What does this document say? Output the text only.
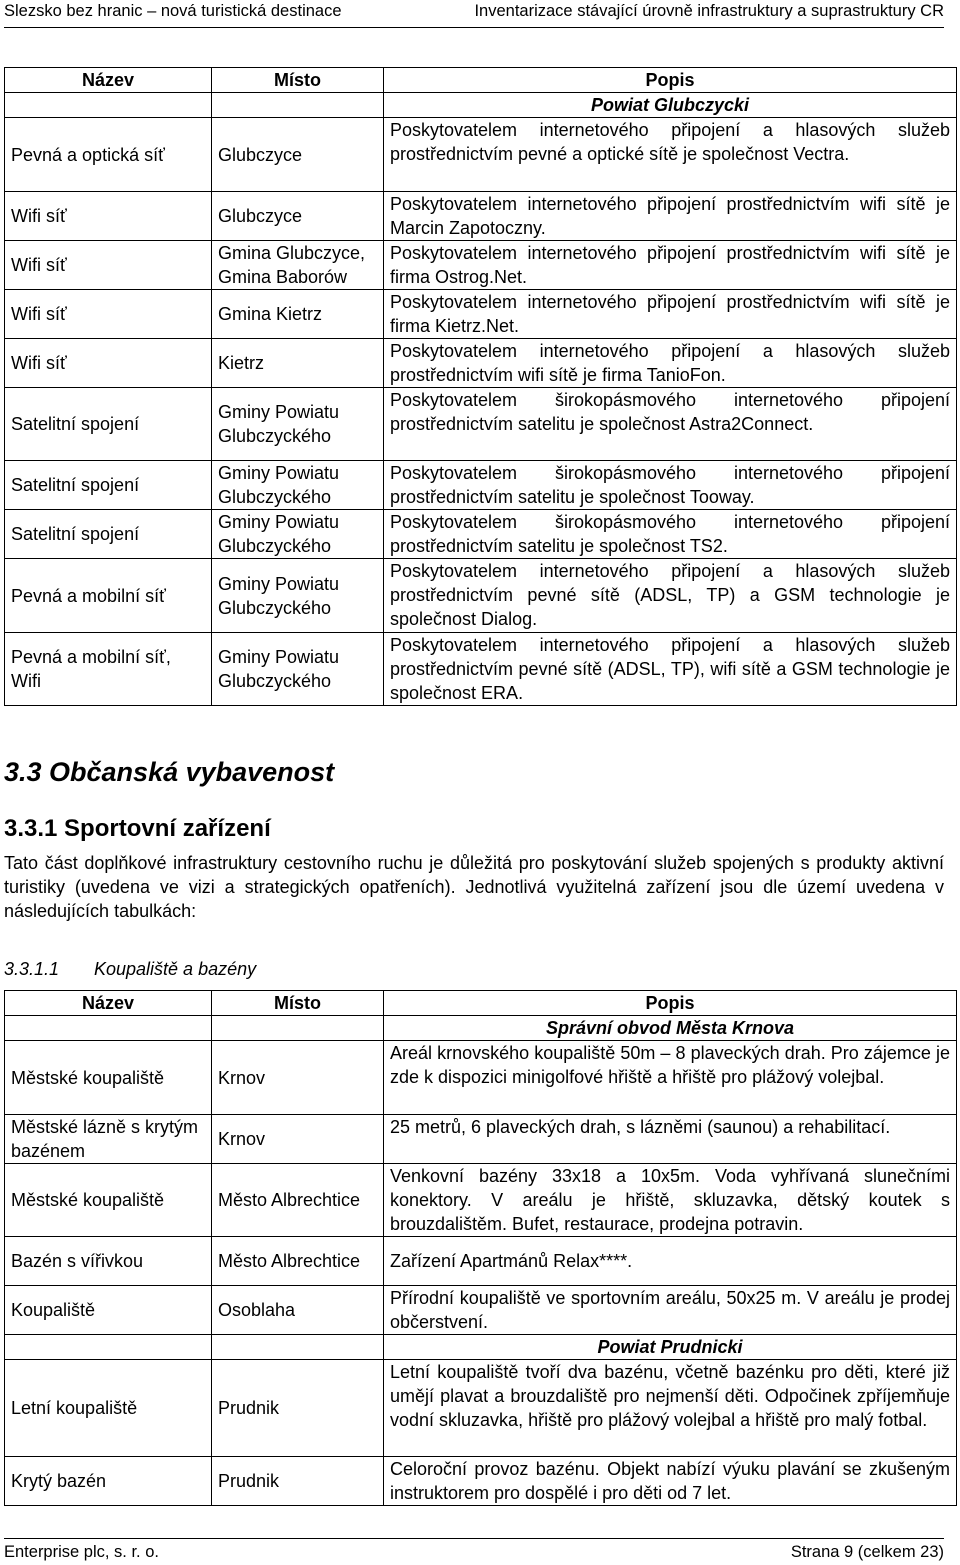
Slezsko bez hranic – nová turistická destinace	Inventarizace stávající úrovně infrastruktury a suprastruktury CR
Název	Místo	Popis
		Powiat Glubczycki
Pevná a optická síť	Glubczyce	Poskytovatelem internetového připojení a hlasových služeb prostřednictvím pevné a optické sítě je společnost Vectra.
Wifi síť	Glubczyce	Poskytovatelem internetového připojení prostřednictvím wifi sítě je Marcin Zapotoczny.
Wifi síť	Gmina Glubczyce, Gmina Baborów	Poskytovatelem internetového připojení prostřednictvím wifi sítě je firma Ostrog.Net.
Wifi síť	Gmina Kietrz	Poskytovatelem internetového připojení prostřednictvím wifi sítě je firma Kietrz.Net.
Wifi síť	Kietrz	Poskytovatelem internetového připojení a hlasových služeb prostřednictvím wifi sítě je firma TanioFon.
Satelitní spojení	Gminy Powiatu Glubczyckého	Poskytovatelem širokopásmového internetového připojení prostřednictvím satelitu je společnost Astra2Connect.
Satelitní spojení	Gminy Powiatu Glubczyckého	Poskytovatelem širokopásmového internetového připojení prostřednictvím satelitu je společnost Tooway.
Satelitní spojení	Gminy Powiatu Glubczyckého	Poskytovatelem širokopásmového internetového připojení prostřednictvím satelitu je společnost TS2.
Pevná a mobilní síť	Gminy Powiatu Glubczyckého	Poskytovatelem internetového připojení a hlasových služeb prostřednictvím pevné sítě (ADSL, TP) a GSM technologie je společnost Dialog.
Pevná a mobilní síť, Wifi	Gminy Powiatu Glubczyckého	Poskytovatelem internetového připojení a hlasových služeb prostřednictvím pevné sítě (ADSL, TP), wifi sítě a GSM technologie je společnost ERA.
3.3 Občanská vybavenost
3.3.1 Sportovní zařízení

Tato část doplňkové infrastruktury cestovního ruchu je důležitá pro poskytování služeb spojených s produkty aktivní turistiky (uvedena ve vizi a strategických opatřeních). Jednotlivá využitelná zařízení jsou dle území uvedena v následujících tabulkách:

3.3.1.1 Koupaliště a bazény

Název	Místo	Popis
		Správní obvod Města Krnova
Městské koupaliště	Krnov	Areál krnovského koupaliště 50m – 8 plaveckých drah. Pro zájemce je zde k dispozici minigolfové hřiště a hřiště pro plážový volejbal.
Městské lázně s krytým bazénem	Krnov	25 metrů, 6 plaveckých drah, s lázněmi (saunou) a rehabilitací.
Městské koupaliště	Město Albrechtice	Venkovní bazény 33x18 a 10x5m. Voda vyhřívaná slunečními konektory. V areálu je hřiště, skluzavka, dětský koutek s brouzdalištěm. Bufet, restaurace, prodejna potravin.
Bazén s vířivkou	Město Albrechtice	Zařízení Apartmánů Relax****.
Koupaliště	Osoblaha	Přírodní koupaliště ve sportovním areálu, 50x25 m. V areálu je prodej občerstvení.
		Powiat Prudnicki
Letní koupaliště	Prudnik	Letní koupaliště tvoří dva bazénu, včetně bazénku pro děti, které již umějí plavat a brouzdaliště pro nejmenší děti. Odpočinek zpříjemňuje vodní skluzavka, hřiště pro plážový volejbal a hřiště pro malý fotbal.
Krytý bazén	Prudnik	Celoroční provoz bazénu. Objekt nabízí výuku plavání se zkušeným instruktorem pro dospělé i pro děti od 7 let.
Enterprise plc, s. r. o.	Strana 9 (celkem 23)
